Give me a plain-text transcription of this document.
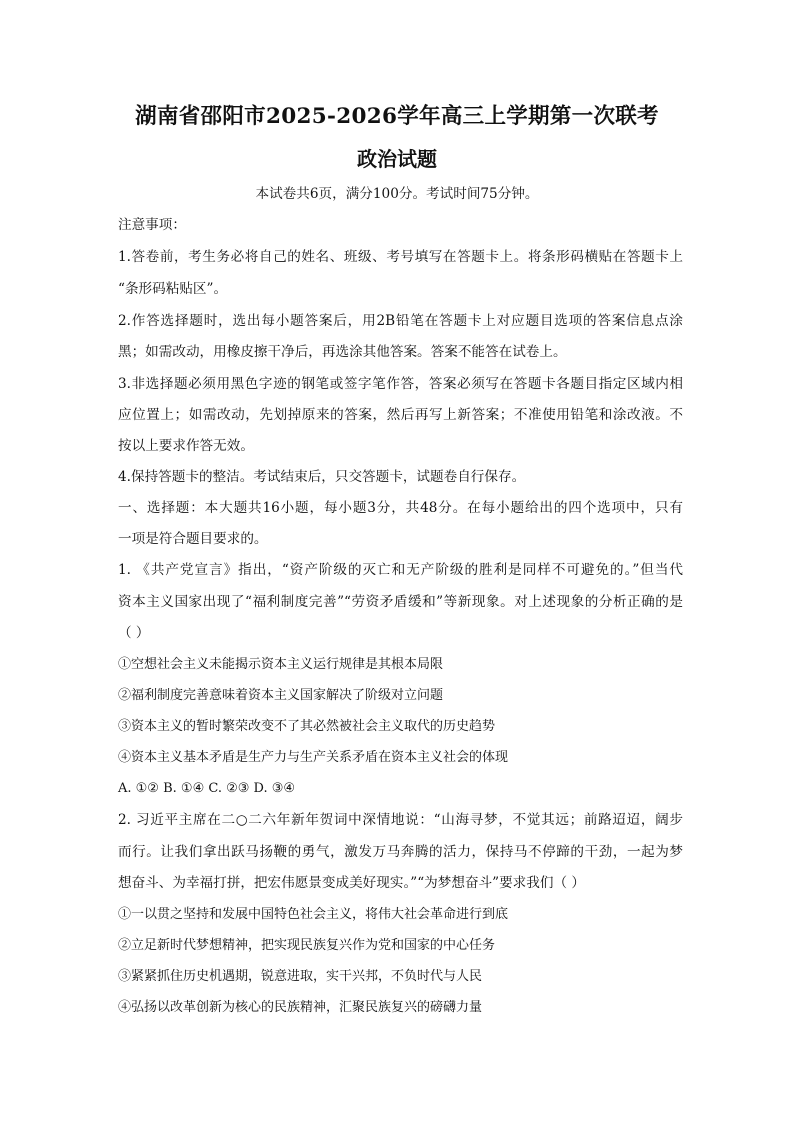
湖南省邵阳市2025-2026学年高三上学期第一次联考
政治试题
本试卷共6页，满分100分。考试时间75分钟。
注意事项：
1.答卷前，考生务必将自己的姓名、班级、考号填写在答题卡上。将条形码横贴在答题卡上
“条形码粘贴区”。
2.作答选择题时，选出每小题答案后，用2B铅笔在答题卡上对应题目选项的答案信息点涂
黑；如需改动，用橡皮擦干净后，再选涂其他答案。答案不能答在试卷上。
3.非选择题必须用黑色字迹的钢笔或签字笔作答，答案必须写在答题卡各题目指定区域内相
应位置上；如需改动，先划掉原来的答案，然后再写上新答案；不准使用铅笔和涂改液。不
按以上要求作答无效。
4.保持答题卡的整洁。考试结束后，只交答题卡，试题卷自行保存。
一、选择题：本大题共16小题，每小题3分，共48分。在每小题给出的四个选项中，只有
一项是符合题目要求的。
1. 《共产党宣言》指出，“资产阶级的灭亡和无产阶级的胜利是同样不可避免的。”但当代
资本主义国家出现了“福利制度完善”“劳资矛盾缓和”等新现象。对上述现象的分析正确的是
（ ）
①空想社会主义未能揭示资本主义运行规律是其根本局限
②福利制度完善意味着资本主义国家解决了阶级对立问题
③资本主义的暂时繁荣改变不了其必然被社会主义取代的历史趋势
④资本主义基本矛盾是生产力与生产关系矛盾在资本主义社会的体现
A. ①② B. ①④ C. ②③ D. ③④
2. 习近平主席在二○二六年新年贺词中深情地说：“山海寻梦，不觉其远；前路迢迢，阔步
而行。让我们拿出跃马扬鞭的勇气，激发万马奔腾的活力，保持马不停蹄的干劲，一起为梦
想奋斗、为幸福打拼，把宏伟愿景变成美好现实。”“为梦想奋斗”要求我们（ ）
①一以贯之坚持和发展中国特色社会主义，将伟大社会革命进行到底
②立足新时代梦想精神，把实现民族复兴作为党和国家的中心任务
③紧紧抓住历史机遇期，锐意进取，实干兴邦，不负时代与人民
④弘扬以改革创新为核心的民族精神，汇聚民族复兴的磅礴力量
